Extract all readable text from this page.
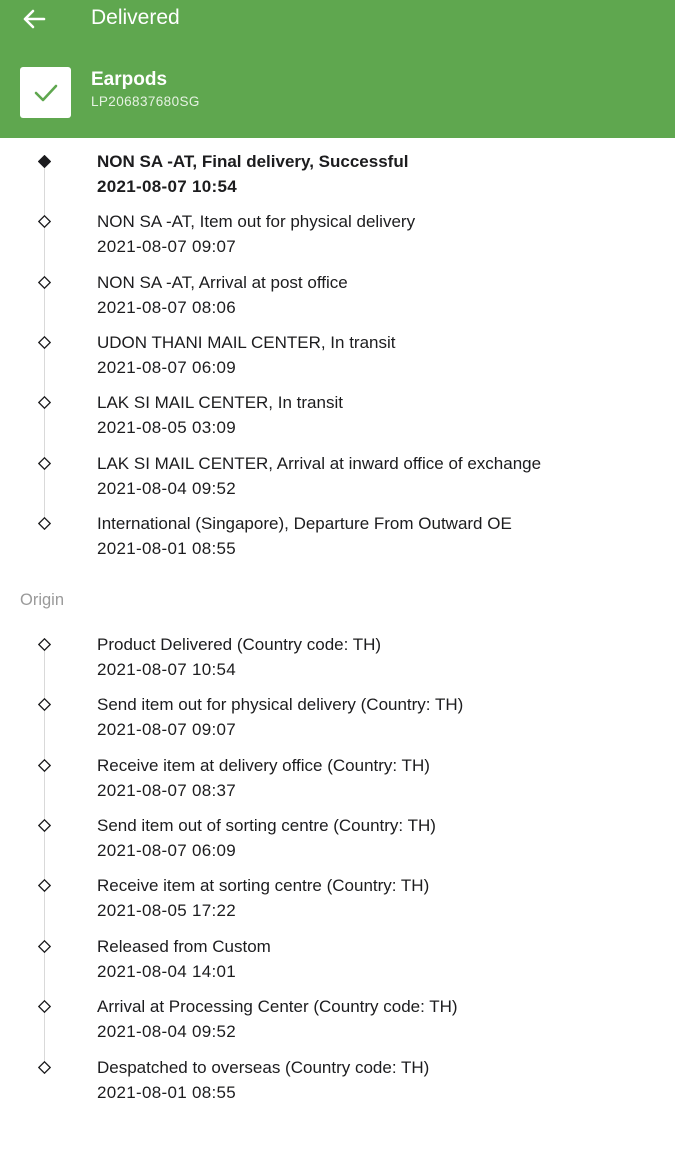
Delivered
Earpods
LP206837680SG
NON SA -AT, Final delivery, Successful
2021-08-07 10:54
NON SA -AT, Item out for physical delivery
2021-08-07 09:07
NON SA -AT, Arrival at post office
2021-08-07 08:06
UDON THANI MAIL CENTER, In transit
2021-08-07 06:09
LAK SI MAIL CENTER, In transit
2021-08-05 03:09
LAK SI MAIL CENTER, Arrival at inward office of exchange
2021-08-04 09:52
International (Singapore), Departure From Outward OE
2021-08-01 08:55
Origin
Product Delivered (Country code: TH)
2021-08-07 10:54
Send item out for physical delivery (Country: TH)
2021-08-07 09:07
Receive item at delivery office (Country: TH)
2021-08-07 08:37
Send item out of sorting centre (Country: TH)
2021-08-07 06:09
Receive item at sorting centre (Country: TH)
2021-08-05 17:22
Released from Custom
2021-08-04 14:01
Arrival at Processing Center (Country code: TH)
2021-08-04 09:52
Despatched to overseas (Country code: TH)
2021-08-01 08:55
